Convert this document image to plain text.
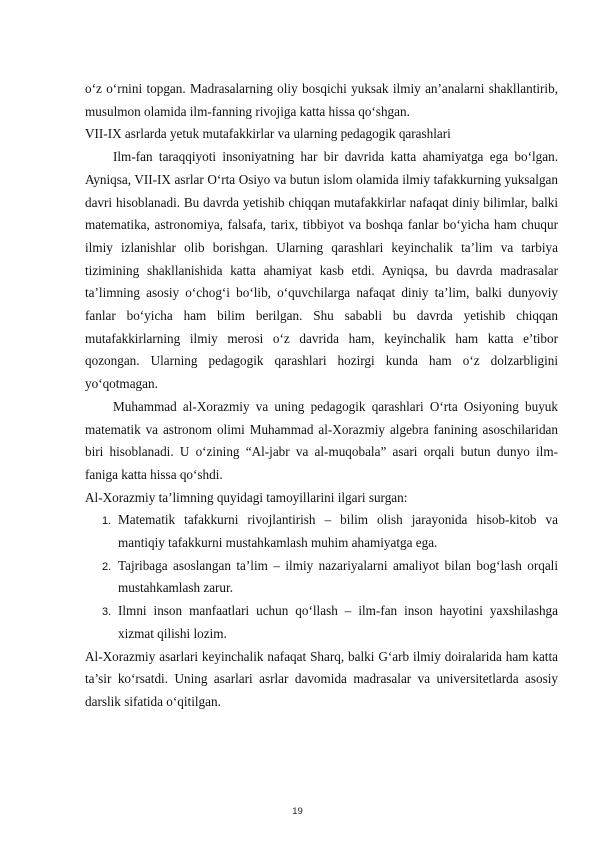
o‘z o‘rnini topgan. Madrasalarning oliy bosqichi yuksak ilmiy an’analarni shakllantirib, musulmon olamida ilm-fanning rivojiga katta hissa qo‘shgan.

VII-IX asrlarda yetuk mutafakkirlar va ularning pedagogik qarashlari

Ilm-fan taraqqiyoti insoniyatning har bir davrida katta ahamiyatga ega bo‘lgan. Ayniqsa, VII-IX asrlar O‘rta Osiyo va butun islom olamida ilmiy tafakkurning yuksalgan davri hisoblanadi. Bu davrda yetishib chiqqan mutafakkirlar nafaqat diniy bilimlar, balki matematika, astronomiya, falsafa, tarix, tibbiyot va boshqa fanlar bo‘yicha ham chuqur ilmiy izlanishlar olib borishgan. Ularning qarashlari keyinchalik ta’lim va tarbiya tizimining shakllanishida katta ahamiyat kasb etdi. Ayniqsa, bu davrda madrasalar ta’limning asosiy o‘chog‘i bo‘lib, o‘quvchilarga nafaqat diniy ta’lim, balki dunyoviy fanlar bo‘yicha ham bilim berilgan. Shu sababli bu davrda yetishib chiqqan mutafakkirlarning ilmiy merosi o‘z davrida ham, keyinchalik ham katta e’tibor qozongan. Ularning pedagogik qarashlari hozirgi kunda ham o‘z dolzarbligini yo‘qotmagan.

Muhammad al-Xorazmiy va uning pedagogik qarashlari O‘rta Osiyoning buyuk matematik va astronom olimi Muhammad al-Xorazmiy algebra fanining asoschilaridan biri hisoblanadi. U o‘zining “Al-jabr va al-muqobala” asari orqali butun dunyo ilm-faniga katta hissa qo‘shdi.

Al-Xorazmiy ta’limning quyidagi tamoyillarini ilgari surgan:

1. Matematik tafakkurni rivojlantirish – bilim olish jarayonida hisob-kitob va mantiqiy tafakkurni mustahkamlash muhim ahamiyatga ega.
2. Tajribaga asoslangan ta’lim – ilmiy nazariyalarni amaliyot bilan bog‘lash orqali mustahkamlash zarur.
3. Ilmni inson manfaatlari uchun qo‘llash – ilm-fan inson hayotini yaxshilashga xizmat qilishi lozim.

Al-Xorazmiy asarlari keyinchalik nafaqat Sharq, balki G‘arb ilmiy doiralarida ham katta ta’sir ko‘rsatdi. Uning asarlari asrlar davomida madrasalar va universitetlarda asosiy darslik sifatida o‘qitilgan.

19
